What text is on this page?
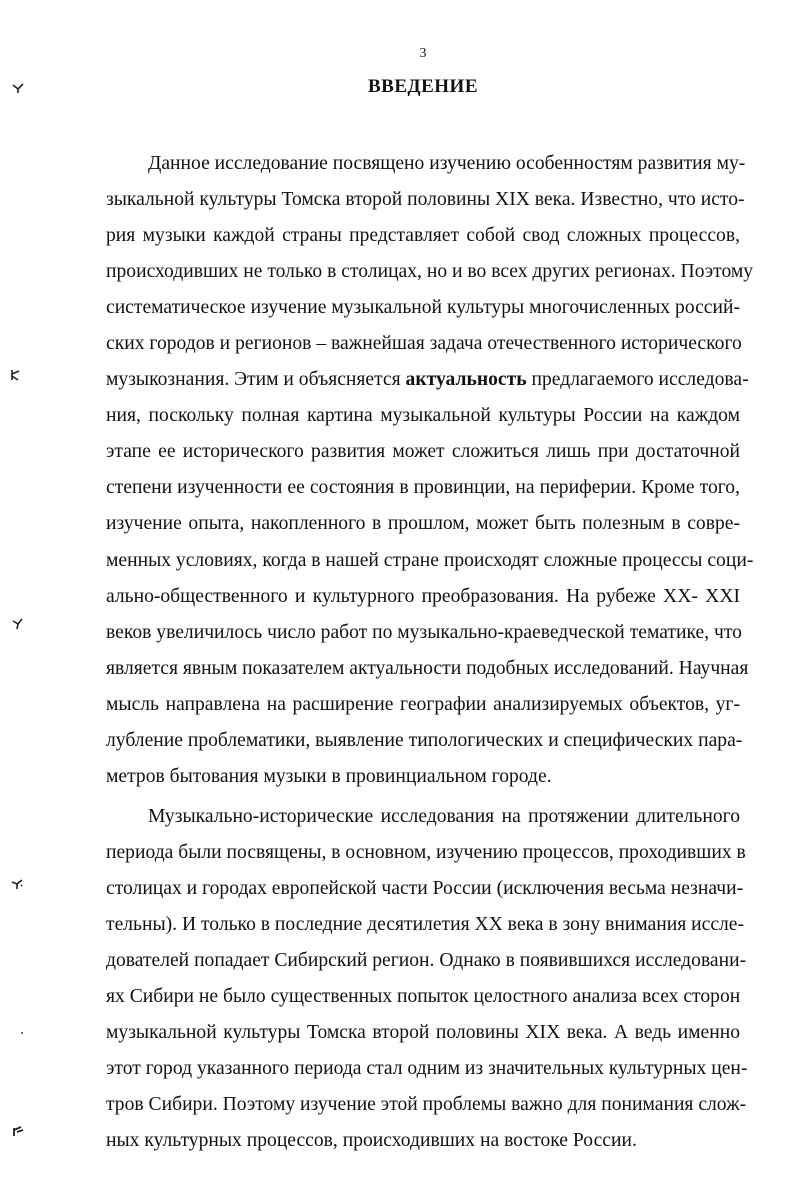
3
ВВЕДЕНИЕ
Данное исследование посвящено изучению особенностям развития му-
зыкальной культуры Томска второй половины XIX века. Известно, что исто-
рия музыки каждой страны представляет собой свод сложных процессов,
происходивших не только в столицах, но и во всех других регионах. Поэтому
систематическое изучение музыкальной культуры многочисленных россий-
ских городов и регионов – важнейшая задача отечественного исторического
музыкознания. Этим и объясняется актуальность предлагаемого исследова-
ния, поскольку полная картина музыкальной культуры России на каждом
этапе ее исторического развития может сложиться лишь при достаточной
степени изученности ее состояния в провинции, на периферии. Кроме того,
изучение опыта, накопленного в прошлом, может быть полезным в совре-
менных условиях, когда в нашей стране происходят сложные процессы соци-
ально-общественного и культурного преобразования. На рубеже XX- XXI
веков увеличилось число работ по музыкально-краеведческой тематике, что
является явным показателем актуальности подобных исследований. Научная
мысль направлена на расширение географии анализируемых объектов, уг-
лубление проблематики, выявление типологических и специфических пара-
метров бытования музыки в провинциальном городе.
Музыкально-исторические исследования на протяжении длительного
периода были посвящены, в основном, изучению процессов, проходивших в
столицах и городах европейской части России (исключения весьма незначи-
тельны). И только в последние десятилетия XX века в зону внимания иссле-
дователей попадает Сибирский регион. Однако в появившихся исследовани-
ях Сибири не было существенных попыток целостного анализа всех сторон
музыкальной культуры Томска второй половины XIX века. А ведь именно
этот город указанного периода стал одним из значительных культурных цен-
тров Сибири. Поэтому изучение этой проблемы важно для понимания слож-
ных культурных процессов, происходивших на востоке России.
